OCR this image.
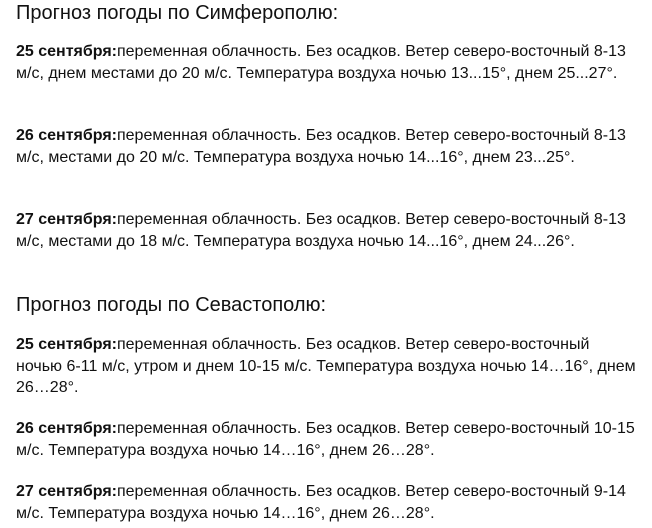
Прогноз погоды по Симферополю:

25 сентября:переменная облачность. Без осадков. Ветер северо-восточный 8-13 м/с, днем местами до 20 м/с. Температура воздуха ночью 13...15°, днем 25...27°.

26 сентября:переменная облачность. Без осадков. Ветер северо-восточный 8-13 м/с, местами до 20 м/с. Температура воздуха ночью 14...16°, днем 23...25°.

27 сентября:переменная облачность. Без осадков. Ветер северо-восточный 8-13 м/с, местами до 18 м/с. Температура воздуха ночью 14...16°, днем 24...26°.

Прогноз погоды по Севастополю:

25 сентября:переменная облачность. Без осадков. Ветер северо-восточный ночью 6-11 м/с, утром и днем 10-15 м/с. Температура воздуха ночью 14…16°, днем 26…28°.

26 сентября:переменная облачность. Без осадков. Ветер северо-восточный 10-15 м/с. Температура воздуха ночью 14…16°, днем 26…28°.

27 сентября:переменная облачность. Без осадков. Ветер северо-восточный 9-14 м/с. Температура воздуха ночью 14…16°, днем 26…28°.
